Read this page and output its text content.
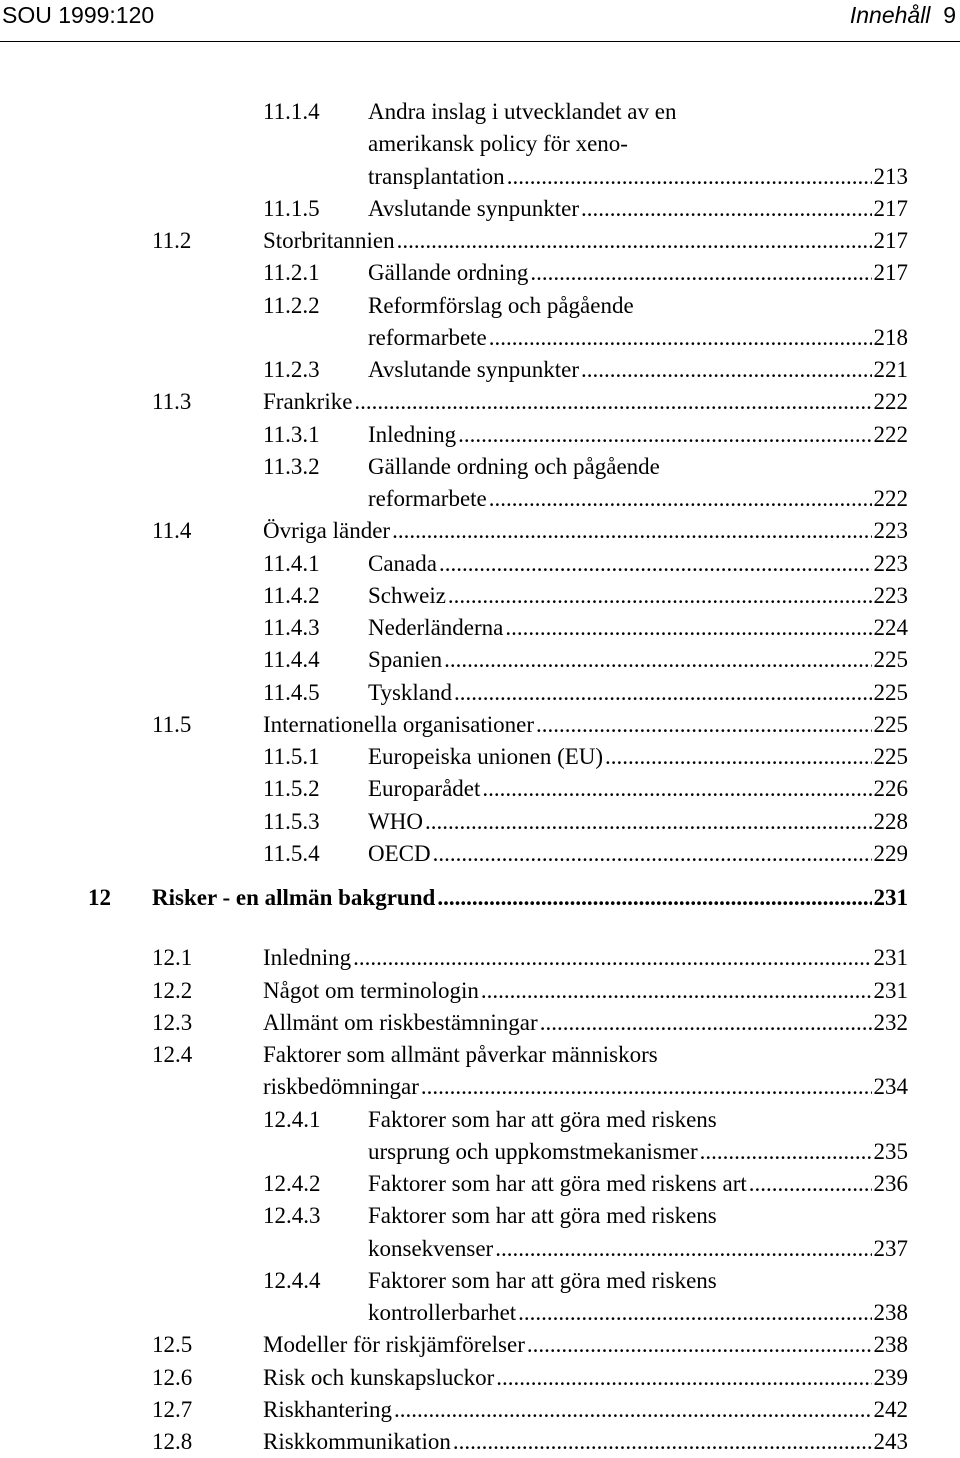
SOU 1999:120	Innehåll 9
11.1.4 Andra inslag i utvecklandet av en
amerikansk policy för xeno-
transplantation .....	213
11.1.5 Avslutande synpunkter .....	217
11.2	Storbritannien .....	217
11.2.1 Gällande ordning .....	217
11.2.2 Reformförslag och pågående
reformarbete .....	218
11.2.3 Avslutande synpunkter .....	221
11.3	Frankrike .....	222
11.3.1 Inledning .....	222
11.3.2 Gällande ordning och pågående
reformarbete .....	222
11.4	Övriga länder .....	223
11.4.1 Canada .....	223
11.4.2 Schweiz .....	223
11.4.3 Nederländerna .....	224
11.4.4 Spanien .....	225
11.4.5 Tyskland .....	225
11.5	Internationella organisationer .....	225
11.5.1 Europeiska unionen (EU) .....	225
11.5.2 Europarådet .....	226
11.5.3 WHO .....	228
11.5.4 OECD .....	229
12 Risker - en allmän bakgrund .....	231
12.1	Inledning .....	231
12.2	Något om terminologin .....	231
12.3	Allmänt om riskbestämningar .....	232
12.4	Faktorer som allmänt påverkar människors
riskbedömningar .....	234
12.4.1 Faktorer som har att göra med riskens
ursprung och uppkomstmekanismer .....	235
12.4.2 Faktorer som har att göra med riskens art .....	236
12.4.3 Faktorer som har att göra med riskens
konsekvenser .....	237
12.4.4 Faktorer som har att göra med riskens
kontrollerbarhet .....	238
12.5	Modeller för riskjämförelser .....	238
12.6	Risk och kunskapsluckor .....	239
12.7	Riskhantering .....	242
12.8	Riskkommunikation .....	243
